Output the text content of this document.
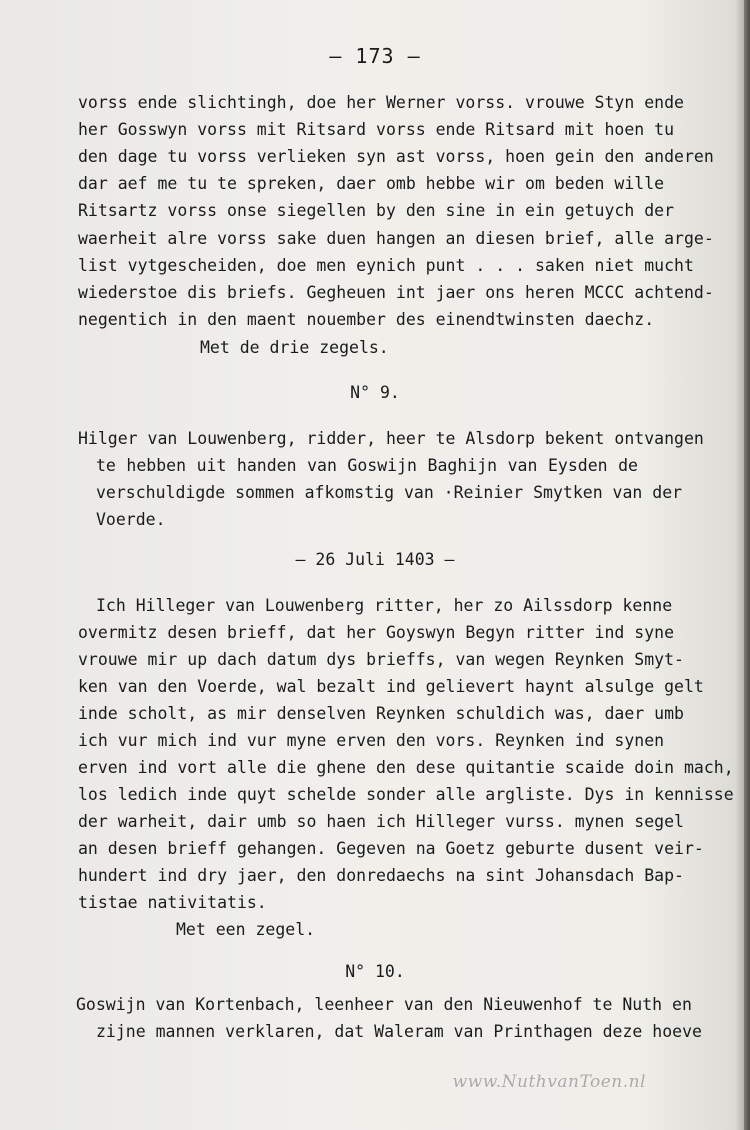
— 173 —
vorss ende slichtingh, doe her Werner vorss. vrouwe Styn ende
her Gosswyn vorss mit Ritsard vorss ende Ritsard mit hoen tu
den dage tu vorss verlieken syn ast vorss, hoen gein den anderen
dar aef me tu te spreken, daer omb hebbe wir om beden wille
Ritsartz vorss onse siegellen by den sine in ein getuych der
waerheit alre vorss sake duen hangen an diesen brief, alle arge-
list vytgescheiden, doe men eynich punt . . . saken niet mucht
wiederstoe dis briefs. Gegheuen int jaer ons heren MCCC achtend-
negentich in den maent nouember des einendtwinsten daechz.
Met de drie zegels.
N° 9.
Hilger van Louwenberg, ridder, heer te Alsdorp bekent ontvangen
te hebben uit handen van Goswijn Baghijn van Eysden de
verschuldigde sommen afkomstig van ·Reinier Smytken van der
Voerde.
— 26 Juli 1403 —
Ich Hilleger van Louwenberg ritter, her zo Ailssdorp kenne
overmitz desen brieff, dat her Goyswyn Begyn ritter ind syne
vrouwe mir up dach datum dys brieffs, van wegen Reynken Smyt-
ken van den Voerde, wal bezalt ind gelievert haynt alsulge gelt
inde scholt, as mir denselven Reynken schuldich was, daer umb
ich vur mich ind vur myne erven den vors. Reynken ind synen
erven ind vort alle die ghene den dese quitantie scaide doin mach,
los ledich inde quyt schelde sonder alle argliste. Dys in kennisse
der warheit, dair umb so haen ich Hilleger vurss. mynen segel
an desen brieff gehangen. Gegeven na Goetz geburte dusent veir-
hundert ind dry jaer, den donredaechs na sint Johansdach Bap-
tistae nativitatis.
Met een zegel.
N° 10.
Goswijn van Kortenbach, leenheer van den Nieuwenhof te Nuth en
zijne mannen verklaren, dat Waleram van Printhagen deze hoeve
www.NuthvanToen.nl
